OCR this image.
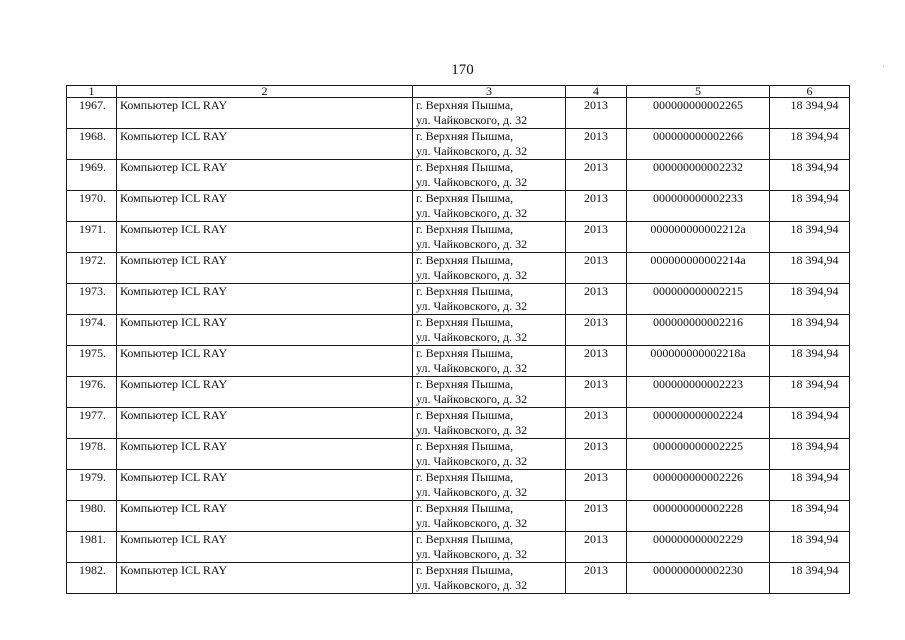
170	·
1	2	3	4	5	6
1967.	Компьютер ICL RAY	г. Верхняя Пышма,
ул. Чайковского, д. 32	2013	000000000002265	18 394,94
1968.	Компьютер ICL RAY	г. Верхняя Пышма,
ул. Чайковского, д. 32	2013	000000000002266	18 394,94
1969.	Компьютер ICL RAY	г. Верхняя Пышма,
ул. Чайковского, д. 32	2013	000000000002232	18 394,94
1970.	Компьютер ICL RAY	г. Верхняя Пышма,
ул. Чайковского, д. 32	2013	000000000002233	18 394,94
1971.	Компьютер ICL RAY	г. Верхняя Пышма,
ул. Чайковского, д. 32	2013	000000000002212а	18 394,94
1972.	Компьютер ICL RAY	г. Верхняя Пышма,
ул. Чайковского, д. 32	2013	000000000002214а	18 394,94
1973.	Компьютер ICL RAY	г. Верхняя Пышма,
ул. Чайковского, д. 32	2013	000000000002215	18 394,94
1974.	Компьютер ICL RAY	г. Верхняя Пышма,
ул. Чайковского, д. 32	2013	000000000002216	18 394,94
1975.	Компьютер ICL RAY	г. Верхняя Пышма,
ул. Чайковского, д. 32	2013	000000000002218а	18 394,94
1976.	Компьютер ICL RAY	г. Верхняя Пышма,
ул. Чайковского, д. 32	2013	000000000002223	18 394,94
1977.	Компьютер ICL RAY	г. Верхняя Пышма,
ул. Чайковского, д. 32	2013	000000000002224	18 394,94
1978.	Компьютер ICL RAY	г. Верхняя Пышма,
ул. Чайковского, д. 32	2013	000000000002225	18 394,94
1979.	Компьютер ICL RAY	г. Верхняя Пышма,
ул. Чайковского, д. 32	2013	000000000002226	18 394,94
1980.	Компьютер ICL RAY	г. Верхняя Пышма,
ул. Чайковского, д. 32	2013	000000000002228	18 394,94
1981.	Компьютер ICL RAY	г. Верхняя Пышма,
ул. Чайковского, д. 32	2013	000000000002229	18 394,94
1982.	Компьютер ICL RAY	г. Верхняя Пышма,
ул. Чайковского, д. 32	2013	000000000002230	18 394,94
